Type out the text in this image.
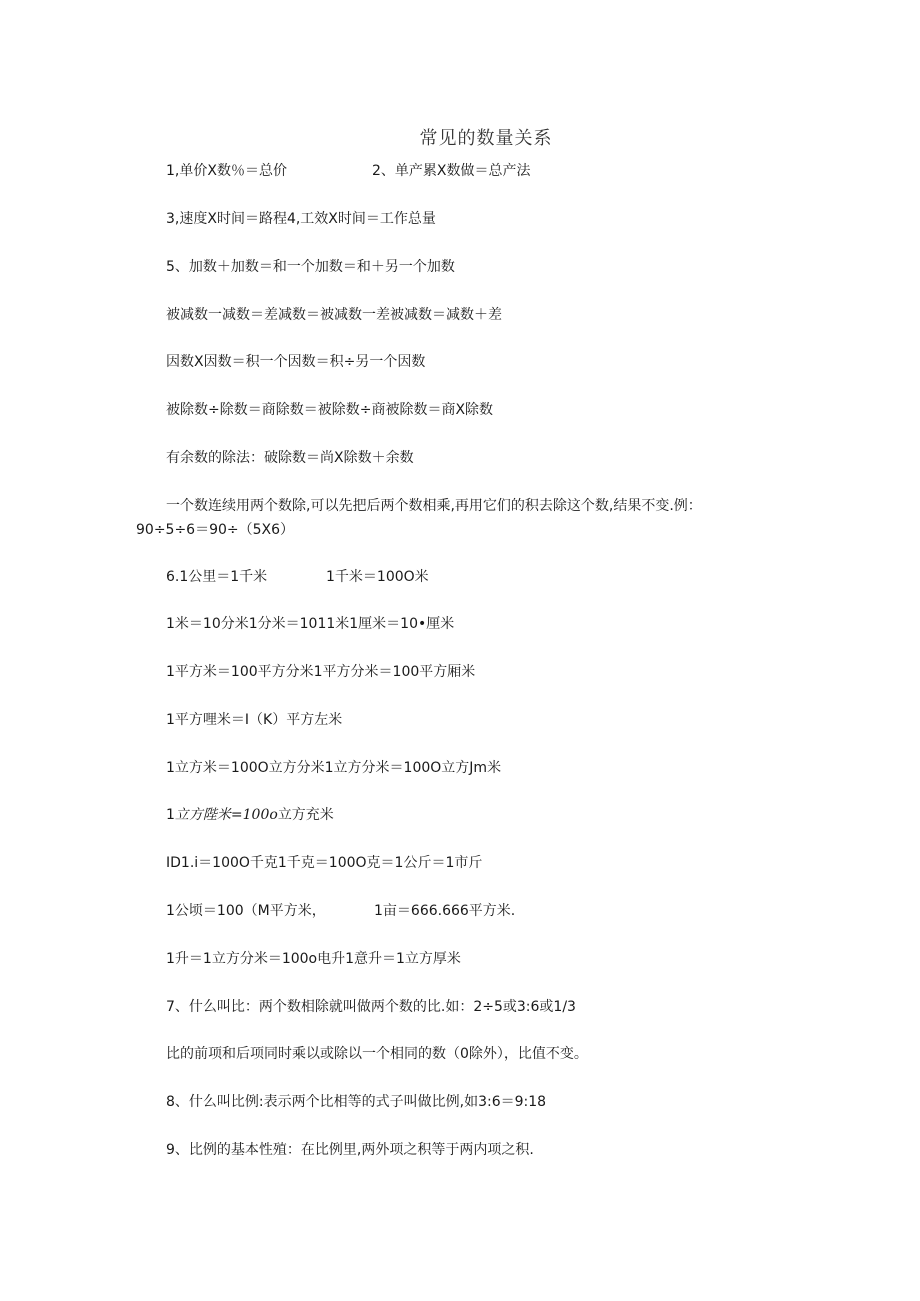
常见的数量关系
1,单价X数％＝总价	2、单产累X数做＝总产法
3,速度X时间＝路程4,工效X时间＝工作总量
5、加数＋加数＝和一个加数＝和＋另一个加数
被减数一减数＝差减数＝被减数一差被减数＝减数＋差
因数X因数＝积一个因数＝积÷另一个因数
被除数÷除数＝商除数＝被除数÷商被除数＝商X除数
有余数的除法：破除数＝尚X除数＋余数
一个数连续用两个数除,可以先把后两个数相乘,再用它们的积去除这个数,结果不变.例：
90÷5÷6＝90÷（5X6）
6.1公里＝1千米	1千米＝100O米
1米＝10分米1分米＝1011米1厘米＝10•厘米
1平方米＝100平方分米1平方分米＝100平方厢米
1平方哩米＝I（K）平方左米
1立方米＝100O立方分米1立方分米＝100O立方Jm米
1立方陛米=100o立方充米
ID1.i＝100O千克1千克＝100O克＝1公斤＝1市斤
1公顷＝100（M平方米，	1亩＝666.666平方米.
1升＝1立方分米＝100o电升1意升＝1立方厚米
7、什么叫比：两个数相除就叫做两个数的比.如：2÷5或3:6或1/3
比的前项和后项同时乘以或除以一个相同的数（0除外），比值不变。
8、什么叫比例:表示两个比相等的式子叫做比例,如3:6＝9:18
9、比例的基本性殖：在比例里,两外项之积等于两内项之积.
